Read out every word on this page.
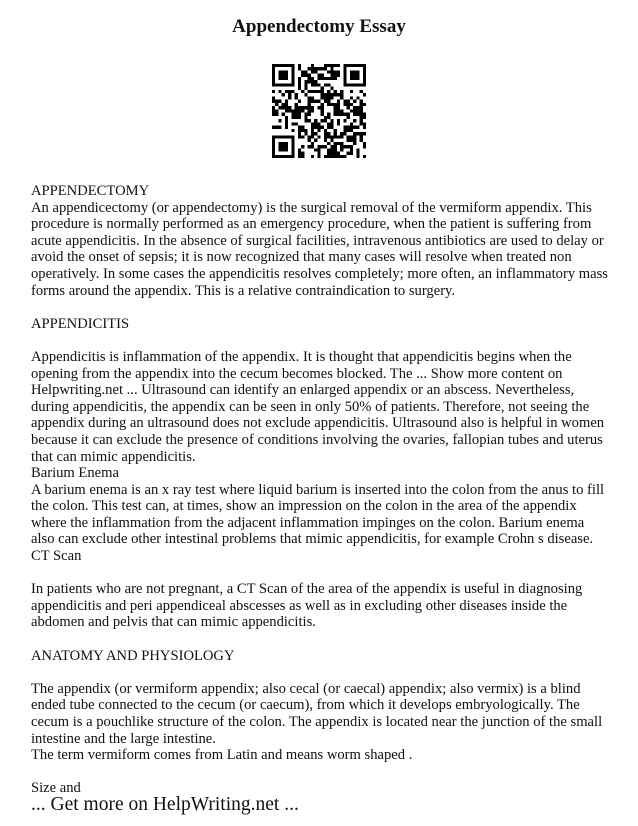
Appendectomy Essay

APPENDECTOMY

An appendicectomy (or appendectomy) is the surgical removal of the vermiform appendix. This procedure is normally performed as an emergency procedure, when the patient is suffering from acute appendicitis. In the absence of surgical facilities, intravenous antibiotics are used to delay or avoid the onset of sepsis; it is now recognized that many cases will resolve when treated non operatively. In some cases the appendicitis resolves completely; more often, an inflammatory mass forms around the appendix. This is a relative contraindication to surgery.

APPENDICITIS

Appendicitis is inflammation of the appendix. It is thought that appendicitis begins when the opening from the appendix into the cecum becomes blocked. The ... Show more content on Helpwriting.net ... Ultrasound can identify an enlarged appendix or an abscess. Nevertheless, during appendicitis, the appendix can be seen in only 50% of patients. Therefore, not seeing the appendix during an ultrasound does not exclude appendicitis. Ultrasound also is helpful in women because it can exclude the presence of conditions involving the ovaries, fallopian tubes and uterus that can mimic appendicitis.

Barium Enema

A barium enema is an x ray test where liquid barium is inserted into the colon from the anus to fill the colon. This test can, at times, show an impression on the colon in the area of the appendix where the inflammation from the adjacent inflammation impinges on the colon. Barium enema also can exclude other intestinal problems that mimic appendicitis, for example Crohn s disease.

CT Scan

In patients who are not pregnant, a CT Scan of the area of the appendix is useful in diagnosing appendicitis and peri appendiceal abscesses as well as in excluding other diseases inside the abdomen and pelvis that can mimic appendicitis.

ANATOMY AND PHYSIOLOGY

The appendix (or vermiform appendix; also cecal (or caecal) appendix; also vermix) is a blind ended tube connected to the cecum (or caecum), from which it develops embryologically. The cecum is a pouchlike structure of the colon. The appendix is located near the junction of the small intestine and the large intestine.

The term vermiform comes from Latin and means worm shaped .

Size and

... Get more on HelpWriting.net ...
